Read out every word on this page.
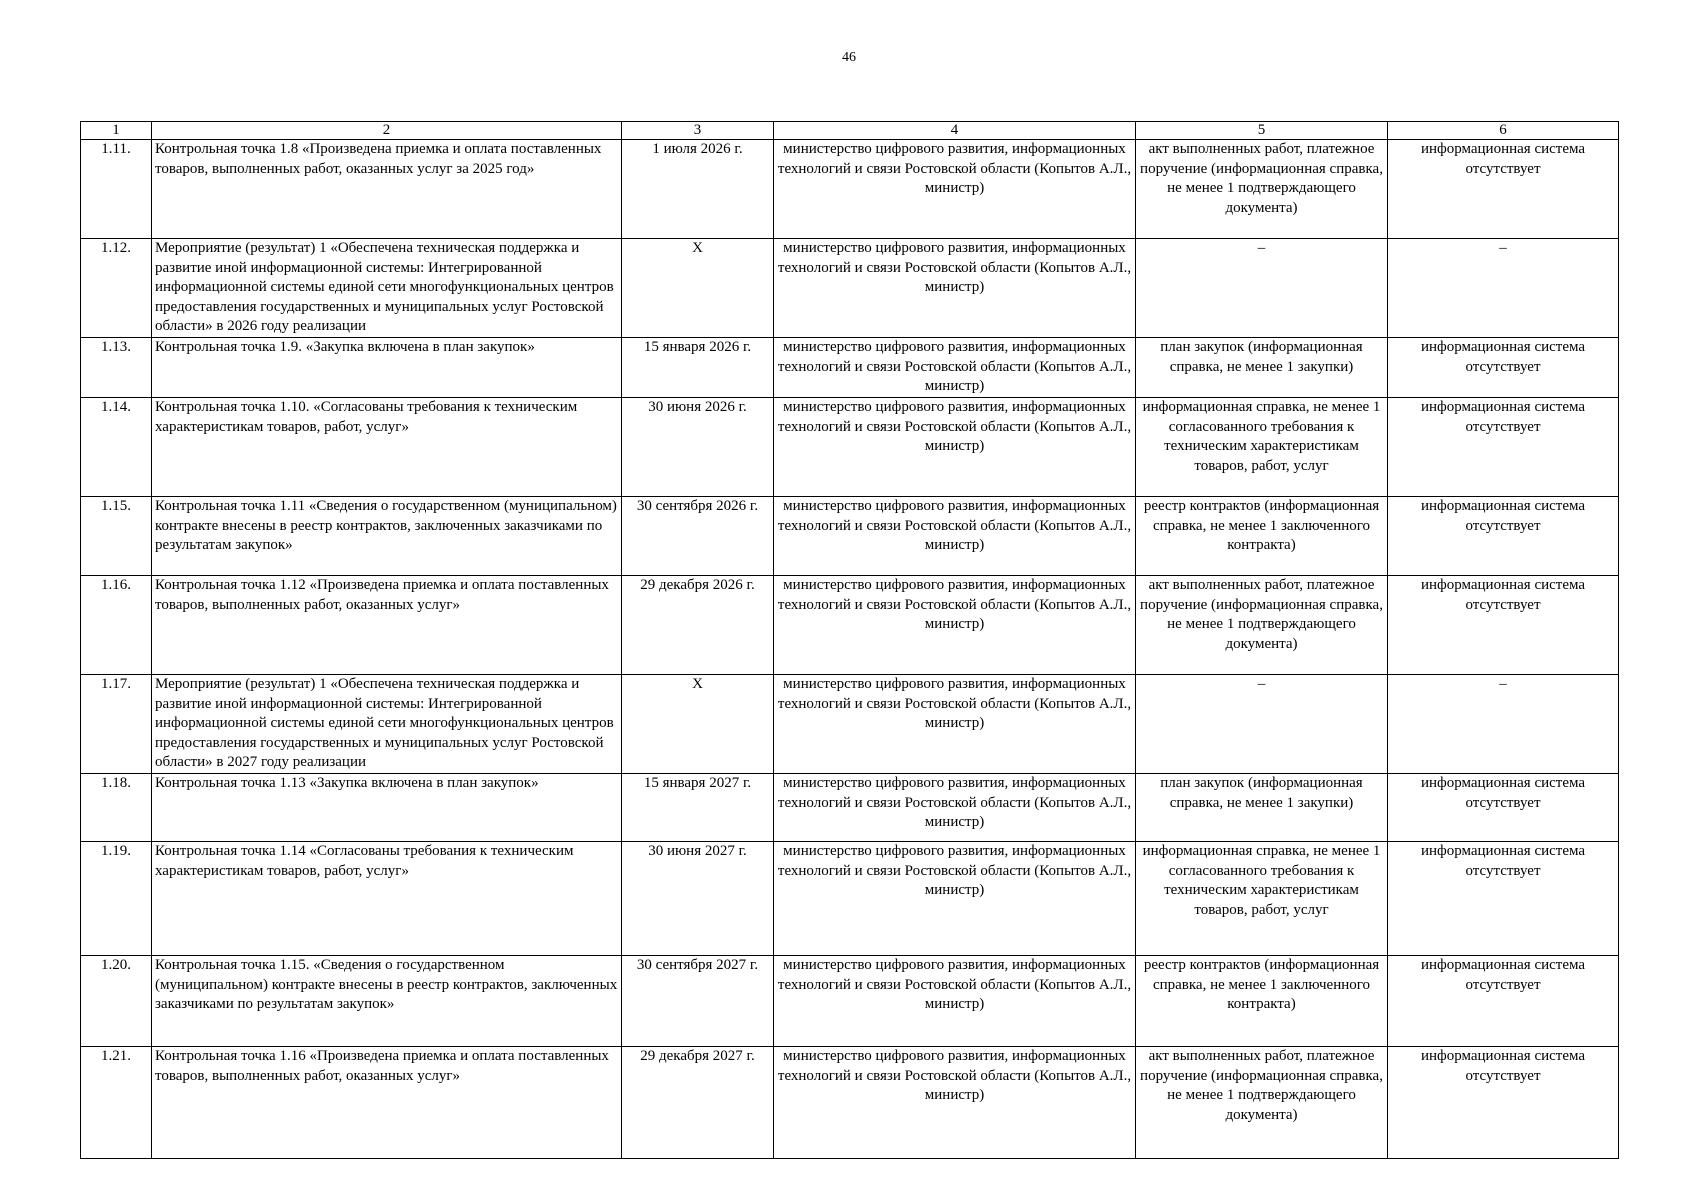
46
1	2	3	4	5	6
1.11.	Контрольная точка 1.8 «Произведена приемка и оплата поставленных товаров, выполненных работ, оказанных услуг за 2025 год»	1 июля 2026 г.	министерство цифрового развития, информационных технологий и связи Ростовской области (Копытов А.Л., министр)	акт выполненных работ, платежное поручение (информационная справка, не менее 1 подтверждающего документа)	информационная система отсутствует
1.12.	Мероприятие (результат) 1 «Обеспечена техническая поддержка и развитие иной информационной системы: Интегрированной информационной системы единой сети многофункциональных центров предоставления государственных и муниципальных услуг Ростовской области» в 2026 году реализации	Х	министерство цифрового развития, информационных технологий и связи Ростовской области (Копытов А.Л., министр)	–	–
1.13.	Контрольная точка 1.9. «Закупка включена в план закупок»	15 января 2026 г.	министерство цифрового развития, информационных технологий и связи Ростовской области (Копытов А.Л., министр)	план закупок (информационная справка, не менее 1 закупки)	информационная система отсутствует
1.14.	Контрольная точка 1.10. «Согласованы требования к техническим характеристикам товаров, работ, услуг»	30 июня 2026 г.	министерство цифрового развития, информационных технологий и связи Ростовской области (Копытов А.Л., министр)	информационная справка, не менее 1 согласованного требования к техническим характеристикам товаров, работ, услуг	информационная система отсутствует
1.15.	Контрольная точка 1.11 «Сведения о государственном (муниципальном) контракте внесены в реестр контрактов, заключенных заказчиками по результатам закупок»	30 сентября 2026 г.	министерство цифрового развития, информационных технологий и связи Ростовской области (Копытов А.Л., министр)	реестр контрактов (информационная справка, не менее 1 заключенного контракта)	информационная система отсутствует
1.16.	Контрольная точка 1.12 «Произведена приемка и оплата поставленных товаров, выполненных работ, оказанных услуг»	29 декабря 2026 г.	министерство цифрового развития, информационных технологий и связи Ростовской области (Копытов А.Л., министр)	акт выполненных работ, платежное поручение (информационная справка, не менее 1 подтверждающего документа)	информационная система отсутствует
1.17.	Мероприятие (результат) 1 «Обеспечена техническая поддержка и развитие иной информационной системы: Интегрированной информационной системы единой сети многофункциональных центров предоставления государственных и муниципальных услуг Ростовской области» в 2027 году реализации	Х	министерство цифрового развития, информационных технологий и связи Ростовской области (Копытов А.Л., министр)	–	–
1.18.	Контрольная точка 1.13 «Закупка включена в план закупок»	15 января 2027 г.	министерство цифрового развития, информационных технологий и связи Ростовской области (Копытов А.Л., министр)	план закупок (информационная справка, не менее 1 закупки)	информационная система отсутствует
1.19.	Контрольная точка 1.14 «Согласованы требования к техническим характеристикам товаров, работ, услуг»	30 июня 2027 г.	министерство цифрового развития, информационных технологий и связи Ростовской области (Копытов А.Л., министр)	информационная справка, не менее 1 согласованного требования к техническим характеристикам товаров, работ, услуг	информационная система отсутствует
1.20.	Контрольная точка 1.15. «Сведения о государственном (муниципальном) контракте внесены в реестр контрактов, заключенных заказчиками по результатам закупок»	30 сентября 2027 г.	министерство цифрового развития, информационных технологий и связи Ростовской области (Копытов А.Л., министр)	реестр контрактов (информационная справка, не менее 1 заключенного контракта)	информационная система отсутствует
1.21.	Контрольная точка 1.16 «Произведена приемка и оплата поставленных товаров, выполненных работ, оказанных услуг»	29 декабря 2027 г.	министерство цифрового развития, информационных технологий и связи Ростовской области (Копытов А.Л., министр)	акт выполненных работ, платежное поручение (информационная справка, не менее 1 подтверждающего документа)	информационная система отсутствует
